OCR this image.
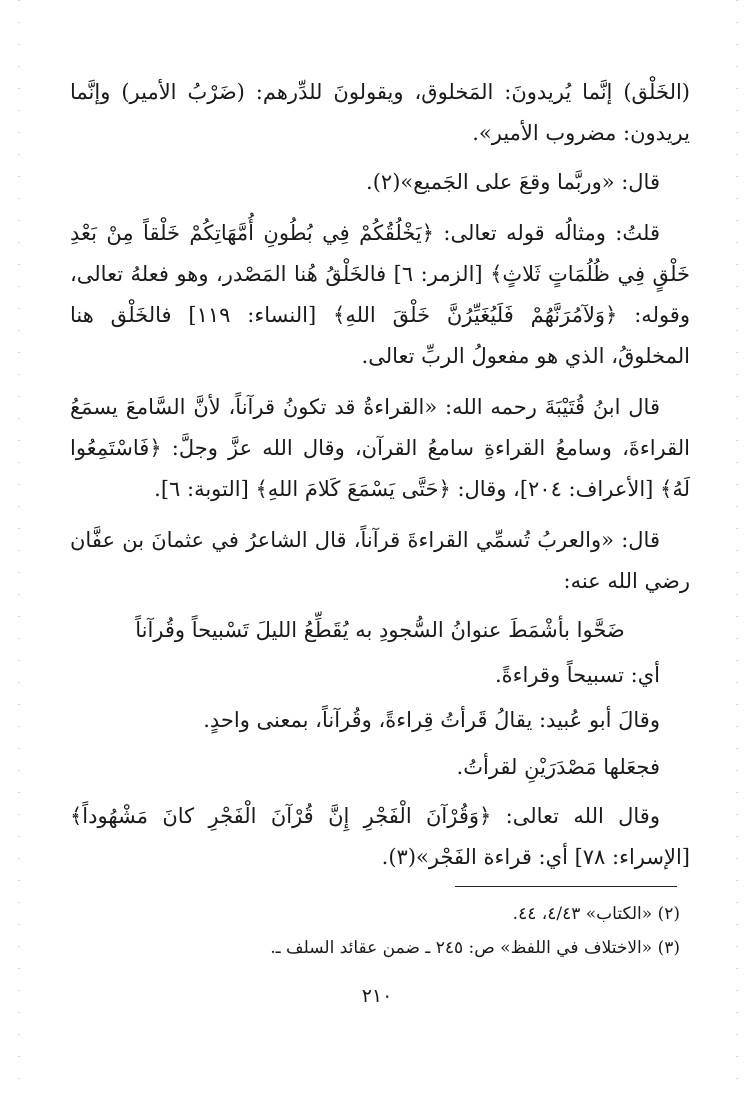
(الخَلْق) إنَّما يُريدونَ: المَخلوق، ويقولونَ للدِّرهم: (ضَرْبُ الأمير) وإنَّما يريدون: مضروب الأمير».

قال: «وربَّما وقعَ على الجَميع»(٢).

قلتُ: ومثالُه قوله تعالى: ﴿يَخْلُقُكُمْ فِي بُطُونِ أُمَّهَاتِكُمْ خَلْقاً مِنْ بَعْدِ خَلْقٍ فِي ظُلُمَاتٍ ثَلاثٍ﴾ [الزمر: ٦] فالخَلْقُ هُنا المَصْدر، وهو فعلهُ تعالى، وقوله: ﴿وَلآمُرَنَّهُمْ فَلَيُغَيِّرُنَّ خَلْقَ اللهِ﴾ [النساء: ١١٩] فالخَلْق هنا المخلوقُ، الذي هو مفعولُ الربِّ تعالى.

قال ابنُ قُتَيْبَةَ رحمه الله: «القراءةُ قد تكونُ قرآناً، لأنَّ السَّامعَ يسمَعُ القراءةَ، وسامعُ القراءةِ سامعُ القرآن، وقال الله عزَّ وجلَّ: ﴿فَاسْتَمِعُوا لَهُ﴾ [الأعراف: ٢٠٤]، وقال: ﴿حَتَّى يَسْمَعَ كَلامَ اللهِ﴾ [التوبة: ٦].

قال: «والعربُ تُسمِّي القراءةَ قرآناً، قال الشاعرُ في عثمانَ بن عفَّان رضي الله عنه:

ضَحَّوا بأشْمَطَ عنوانُ السُّجودِ به يُقَطِّعُ الليلَ تَسْبيحاً وقُرآناً

أي: تسبيحاً وقراءةً.

وقالَ أبو عُبيد: يقالُ قَرأتُ قِراءةً، وقُرآناً، بمعنى واحدٍ.

فجعَلها مَصْدَرَيْنِ لقرأتُ.

وقال الله تعالى: ﴿وَقُرْآنَ الْفَجْرِ إِنَّ قُرْآنَ الْفَجْرِ كانَ مَشْهُوداً﴾ [الإسراء: ٧٨] أي: قراءة الفَجْر»(٣).

(٢) «الكتاب» ٤/٤٣، ٤٤.

(٣) «الاختلاف في اللفظ» ص: ٢٤٥ ـ ضمن عقائد السلف ـ.

٢١٠
